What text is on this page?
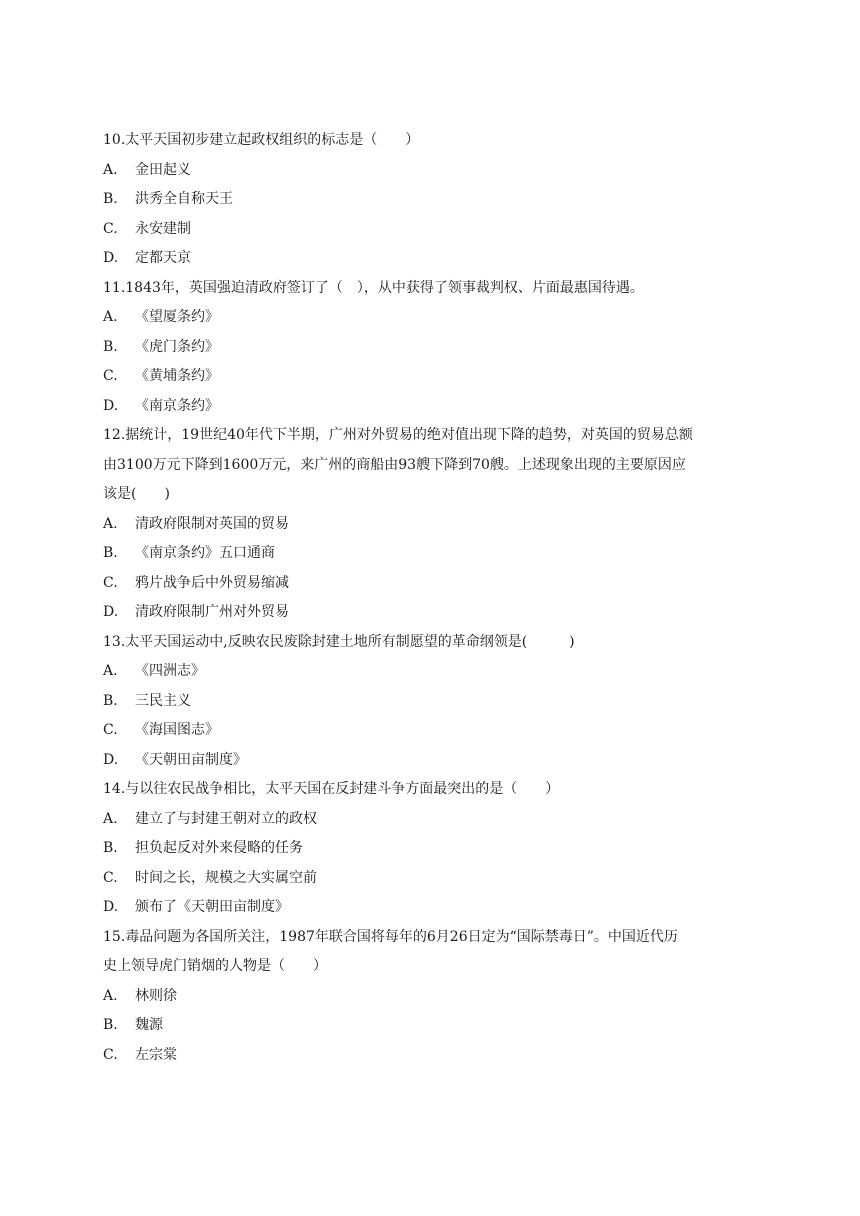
10.太平天国初步建立起政权组织的标志是（　　）
A.	金田起义
B.	洪秀全自称天王
C.	永安建制
D.	定都天京
11.1843年，英国强迫清政府签订了（　），从中获得了领事裁判权、片面最惠国待遇。
A.	《望厦条约》
B.	《虎门条约》
C.	《黄埔条约》
D.	《南京条约》
12.据统计，19世纪40年代下半期，广州对外贸易的绝对值出现下降的趋势，对英国的贸易总额
由3100万元下降到1600万元，来广州的商船由93艘下降到70艘。上述现象出现的主要原因应
该是(　　)
A.	清政府限制对英国的贸易
B.	《南京条约》五口通商
C.	鸦片战争后中外贸易缩减
D.	清政府限制广州对外贸易
13.太平天国运动中,反映农民废除封建土地所有制愿望的革命纲领是(　　　)
A.	《四洲志》
B.	三民主义
C.	《海国图志》
D.	《天朝田亩制度》
14.与以往农民战争相比，太平天国在反封建斗争方面最突出的是（　　）
A.	建立了与封建王朝对立的政权
B.	担负起反对外来侵略的任务
C.	时间之长，规模之大实属空前
D.	颁布了《天朝田亩制度》
15.毒品问题为各国所关注，1987年联合国将每年的6月26日定为“国际禁毒日”。中国近代历
史上领导虎门销烟的人物是（　　）
A.	林则徐
B.	魏源
C.	左宗棠
